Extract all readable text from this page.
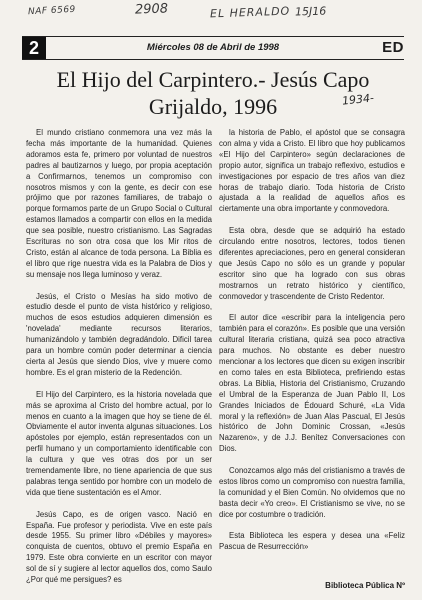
NAF 6569	2908	EL HERALDO 15J16
2	Miércoles 08 de Abril de 1998	ED
El Hijo del Carpintero.- Jesús Capo
Grijaldo, 1996	1934-

El mundo cristiano conmemora una vez más la fecha más importante de la humanidad. Quienes adoramos esta fe, primero por voluntad de nuestros padres al bautizarnos y luego, por propia aceptación a Confirmarnos, tenemos un compromiso con nosotros mismos y con la gente, es decir con ese prójimo que por razones familiares, de trabajo o porque formamos parte de un Grupo Social o Cultural estamos llamados a compartir con ellos en la medida que sea posible, nuestro cristianismo. Las Sagradas Escrituras no son otra cosa que los Mir ritos de Cristo, están al alcance de toda persona. La Biblia es el libro que rige nuestra vida es la Palabra de Dios y su mensaje nos llega luminoso y veraz.

Jesús, el Cristo o Mesías ha sido motivo de estudio desde el punto de vista histórico y religioso, muchos de esos estudios adquieren dimensión es 'novelada' mediante recursos literarios, humanizándolo y también degradándolo. Dificil tarea para un hombre común poder determinar a ciencia cierta al Jesús que siendo Dios, vive y muere como hombre. Es el gran misterio de la Redención.

El Hijo del Carpintero, es la historia novelada que más se aproxima al Cristo del hombre actual, por lo menos en cuanto a la imagen que hoy se tiene de él. Obviamente el autor inventa algunas situaciones. Los apóstoles por ejemplo, están representados con un perfil humano y un comportamiento identificable con la cultura y que ves otras dos por un ser tremendamente libre, no tiene apariencia de que sus palabras tenga sentido por hombre con un modelo de vida que tiene sustentación es el Amor.

Jesús Capo, es de origen vasco. Nació en España. Fue profesor y periodista. Vive en este país desde 1955. Su primer libro «Débiles y mayores» conquista de cuentos, obtuvo el premio España en 1979. Este obra convierte en un escritor con mayor sol de sí y sugiere al lector aquellos dos, como Saulo ¿Por qué me persigues? es

la historia de Pablo, el apóstol que se consagra con alma y vida a Cristo. El libro que hoy publicamos «El Hijo del Carpintero» según declaraciones de propio autor, significa un trabajo reflexivo, estudios e investigaciones por espacio de tres años van diez horas de trabajo diario. Toda historia de Cristo ajustada a la realidad de aquellos años es ciertamente una obra importante y conmovedora.

Esta obra, desde que se adquirió ha estado circulando entre nosotros, lectores, todos tienen diferentes apreciaciones, pero en general consideran que Jesús Capo no sólo es un grande y popular escritor sino que ha logrado con sus obras mostrarnos un retrato histórico y científico, conmovedor y trascendente de Cristo Redentor.

El autor dice «escribir para la inteligencia pero también para el corazón». Es posible que una versión cultural literaria cristiana, quizá sea poco atractiva para muchos. No obstante es deber nuestro mencionar a los lectores que dicen su exigen inscribir en como tales en esta Biblioteca, prefiriendo estas obras. La Biblia, Historia del Cristianismo, Cruzando el Umbral de la Esperanza de Juan Pablo II, Los Grandes Iniciados de Édouard Schuré, «La Vida moral y la reflexión» de Juan Alas Pascual, El Jesús histórico de John Dominic Crossan, «Jesús Nazareno», y de J.J. Benítez Conversaciones con Dios.

Conozcamos algo más del cristianismo a través de estos libros como un compromiso con nuestra familia, la comunidad y el Bien Común. No olvidemos que no basta decir «Yo creo». El Cristianismo se vive, no se dice por costumbre o tradición.

Esta Biblioteca les espera y desea una «Feliz Pascua de Resurrección»

Biblioteca Pública Nº
